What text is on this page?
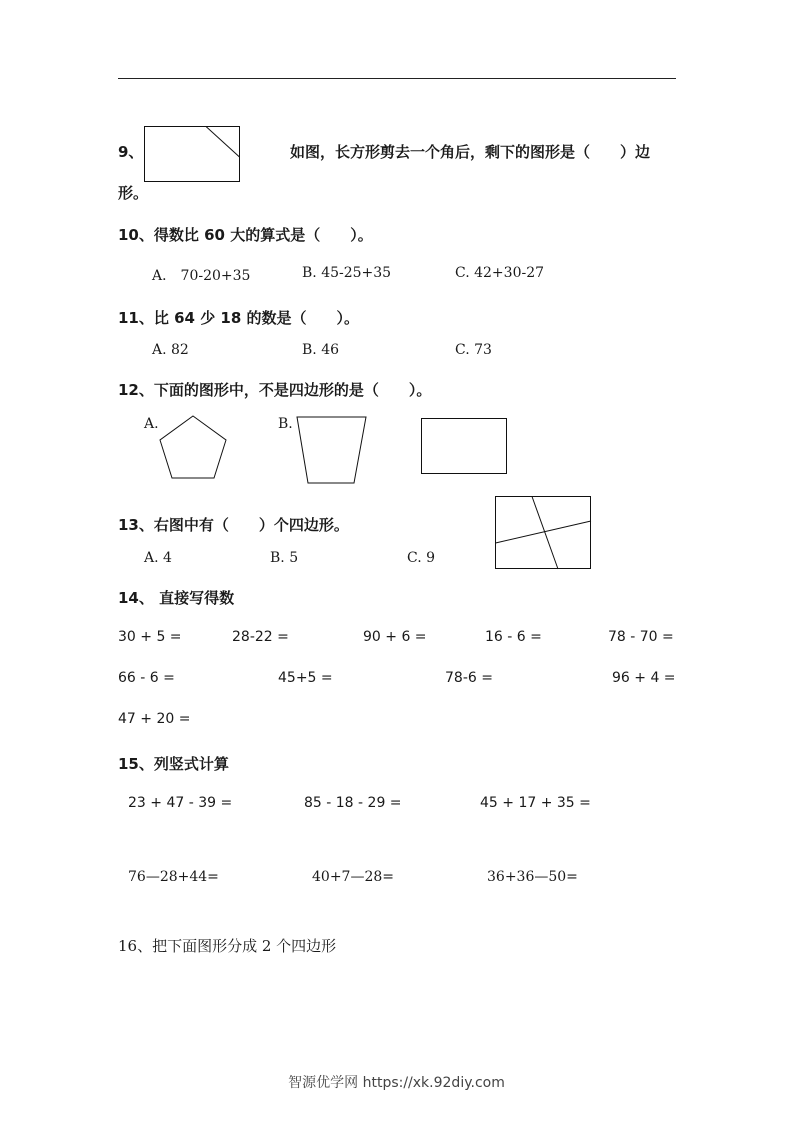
9、	如图，长方形剪去一个角后，剩下的图形是（　　）边
形。
10、得数比 60 大的算式是（　　）。
A． 70-20+35	B. 45-25+35	C. 42+30-27
11、比 64 少 18 的数是（　　）。
A. 82	B. 46	C. 73
12、下面的图形中，不是四边形的是（　　）。
A.	B.
13、右图中有（　　）个四边形。
A. 4	B. 5	C. 9
14、 直接写得数
30 + 5 =	28-22 =	90 + 6 =	16 - 6 =	78 - 70 =
66 - 6 =	45+5 =	78-6 =	96 + 4 =
47 + 20 =
15、列竖式计算
23 + 47 - 39 =	85 - 18 - 29 =	45 + 17 + 35 =
76—28+44=	40+7—28=	36+36—50=
16、把下面图形分成 2 个四边形
智源优学网 https://xk.92diy.com
